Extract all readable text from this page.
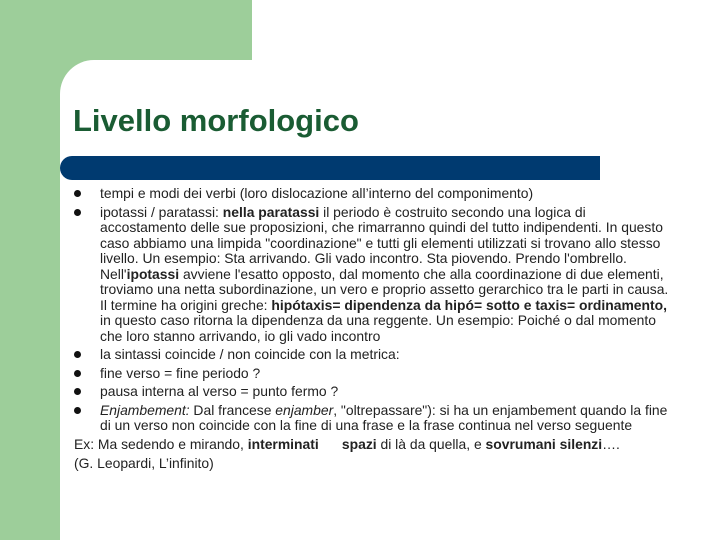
Livello morfologico
tempi e modi dei verbi (loro dislocazione all’interno del componimento)
ipotassi / paratassi: nella paratassi il periodo è costruito secondo una logica di accostamento delle sue proposizioni, che rimarranno quindi del tutto indipendenti. In questo caso abbiamo una limpida "coordinazione" e tutti gli elementi utilizzati si trovano allo stesso livello. Un esempio: Sta arrivando. Gli vado incontro. Sta piovendo. Prendo l'ombrello. Nell'ipotassi avviene l'esatto opposto, dal momento che alla coordinazione di due elementi, troviamo una netta subordinazione, un vero e proprio assetto gerarchico tra le parti in causa. Il termine ha origini greche: hipótaxis= dipendenza da hipó= sotto e taxis= ordinamento, in questo caso ritorna la dipendenza da una reggente. Un esempio: Poiché o dal momento che loro stanno arrivando, io gli vado incontro
la sintassi coincide / non coincide con la metrica:
fine verso = fine periodo ?
pausa interna al verso = punto fermo ?
Enjambement: Dal francese enjamber, "oltrepassare"): si ha un enjambement quando la fine di un verso non coincide con la fine di una frase e la frase continua nel verso seguente
Ex: Ma sedendo e mirando, interminati spazi di là da quella, e sovrumani silenzi….
(G. Leopardi, L’infinito)
